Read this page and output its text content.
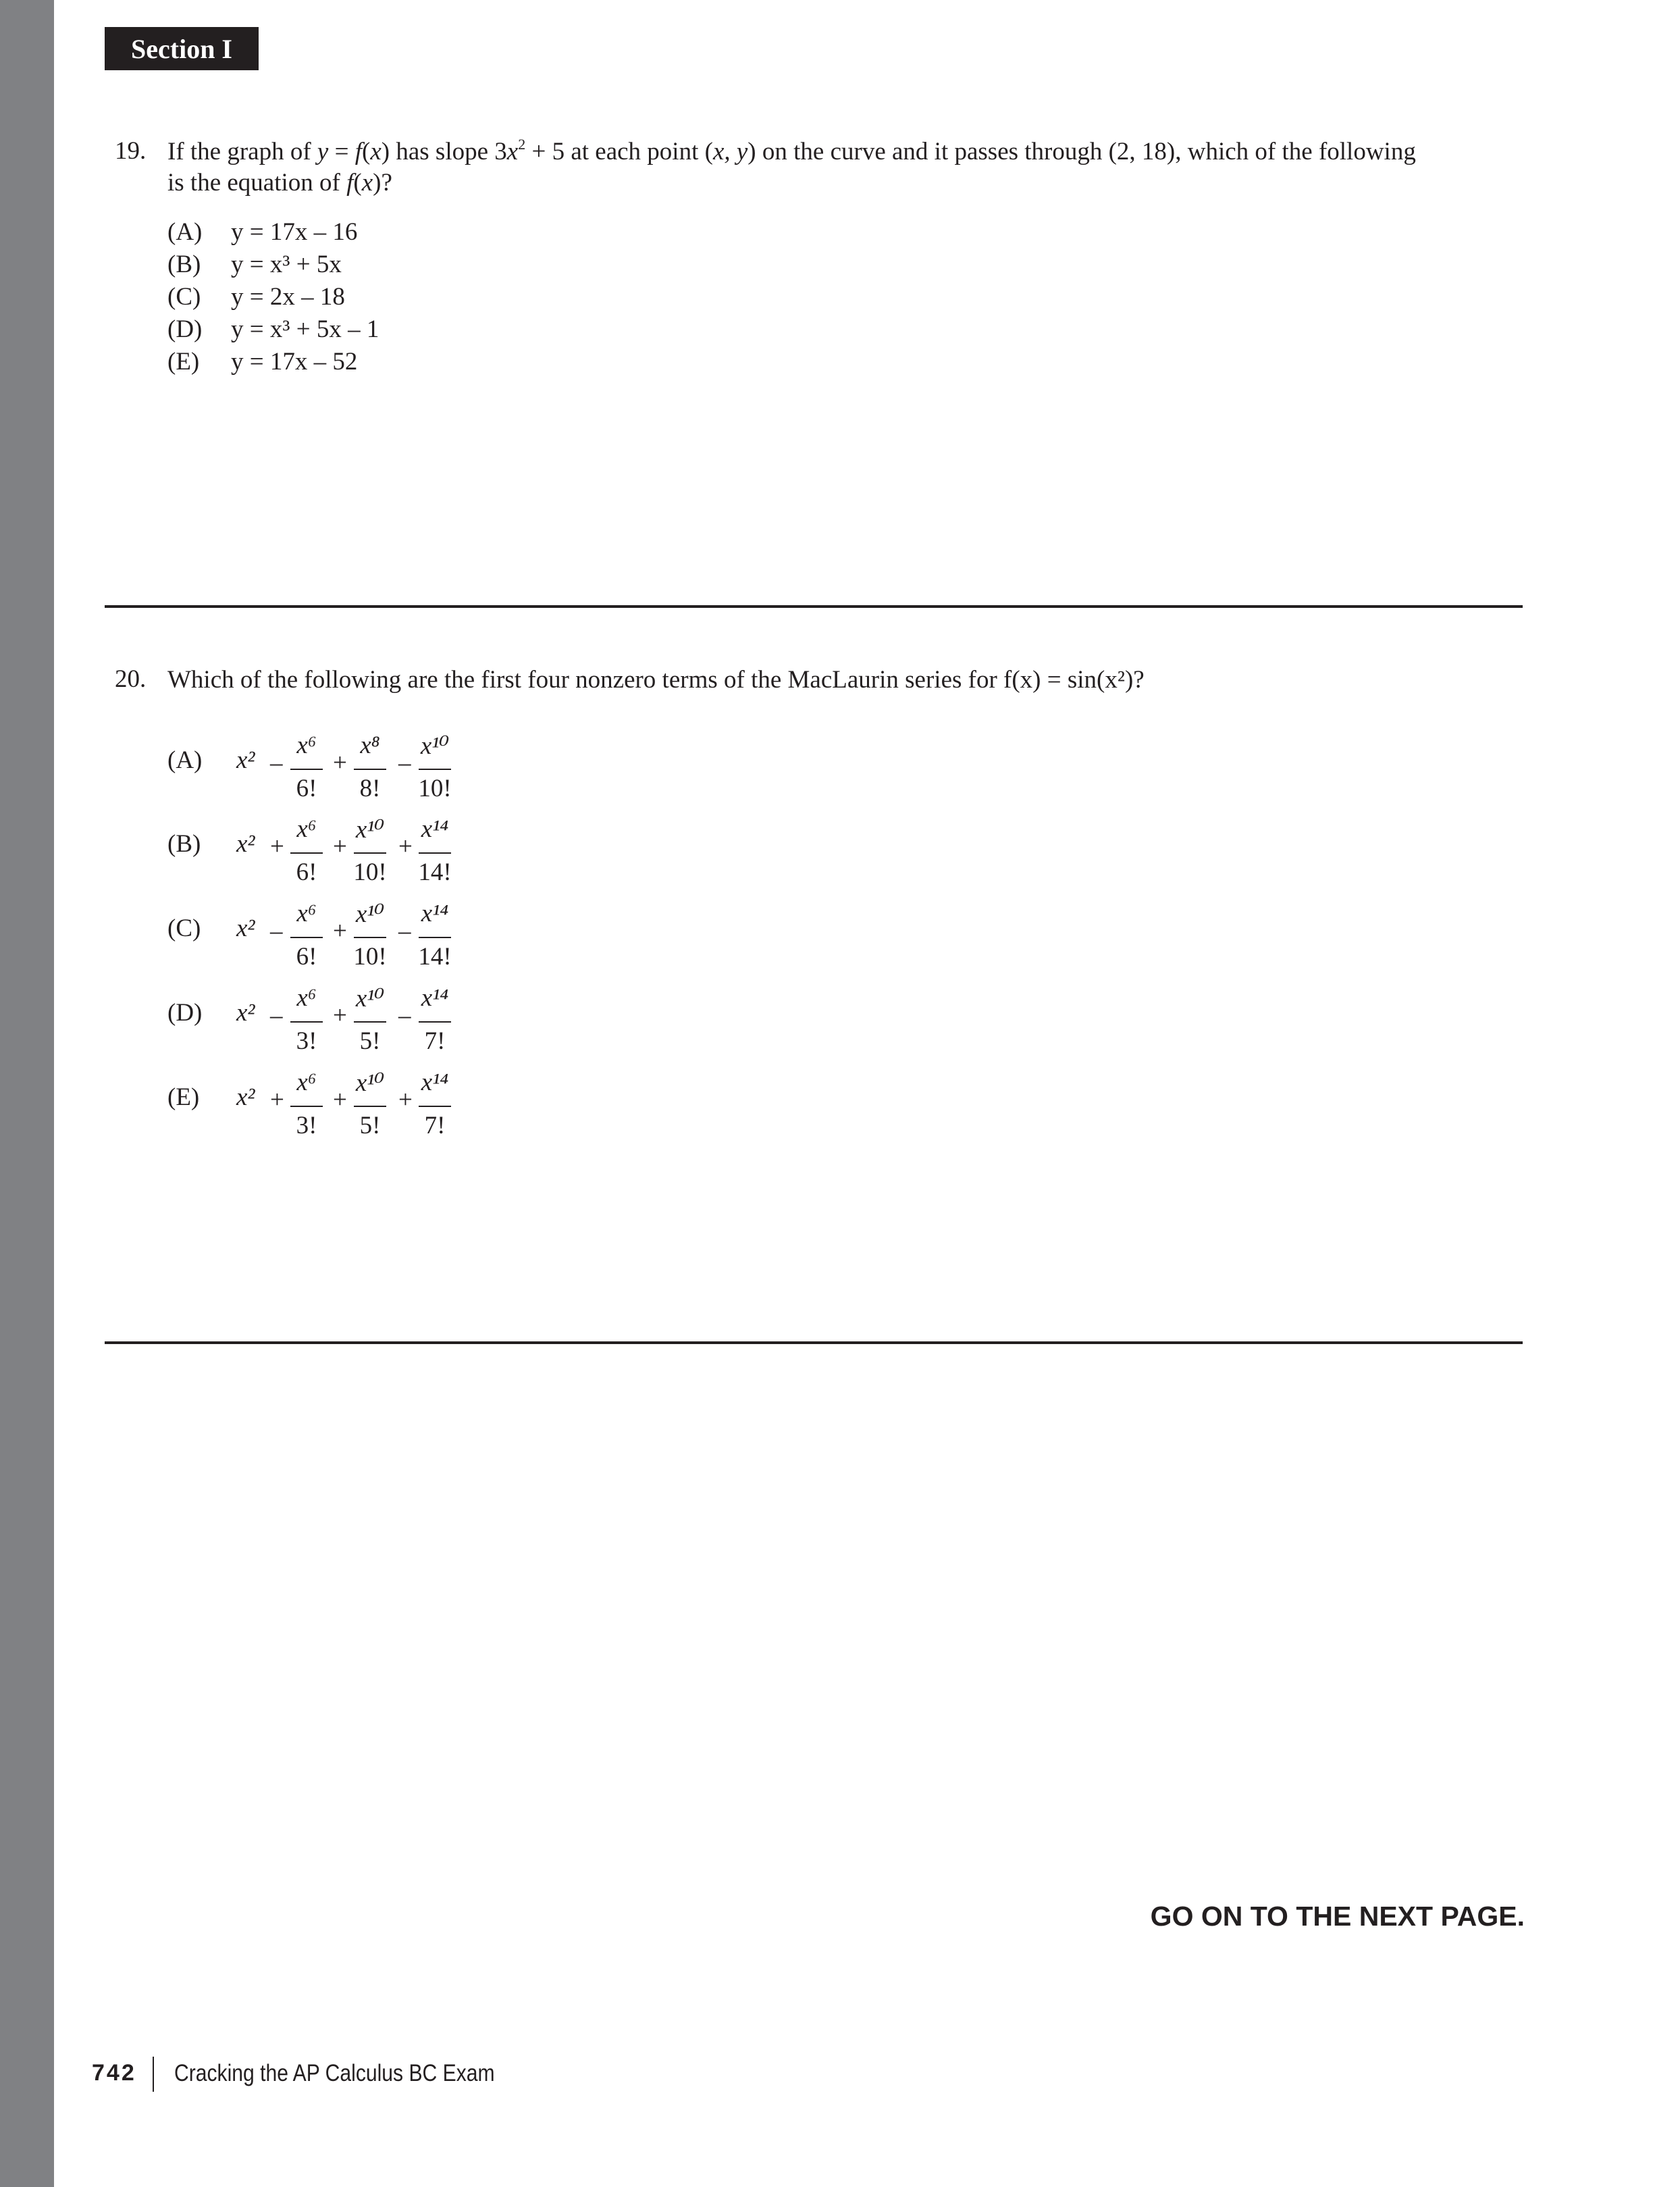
Section I
19. If the graph of y = f(x) has slope $3x^2 + 5$ at each point (x, y) on the curve and it passes through (2, 18), which of the following
is the equation of f(x)?
(A) y = 17x – 16
(B) y = x³ + 5x
(C) y = 2x – 18
(D) y = x³ + 5x – 1
(E) y = 17x – 52
20. Which of the following are the first four nonzero terms of the MacLaurin series for f(x) = sin(x²)?
(A) x² –
x⁶
6!
+
x⁸
8!
–
x¹⁰
10!
(B) x² +
x⁶
6!
+
x¹⁰
10!
+
x¹⁴
14!
(C) x² –
x⁶
6!
+
x¹⁰
10!
–
x¹⁴
14!
(D) x² –
x⁶
3!
+
x¹⁰
5!
–
x¹⁴
7!
(E) x² +
x⁶
3!
+
x¹⁰
5!
+
x¹⁴
7!
GO ON TO THE NEXT PAGE.
742 Cracking the AP Calculus BC Exam
